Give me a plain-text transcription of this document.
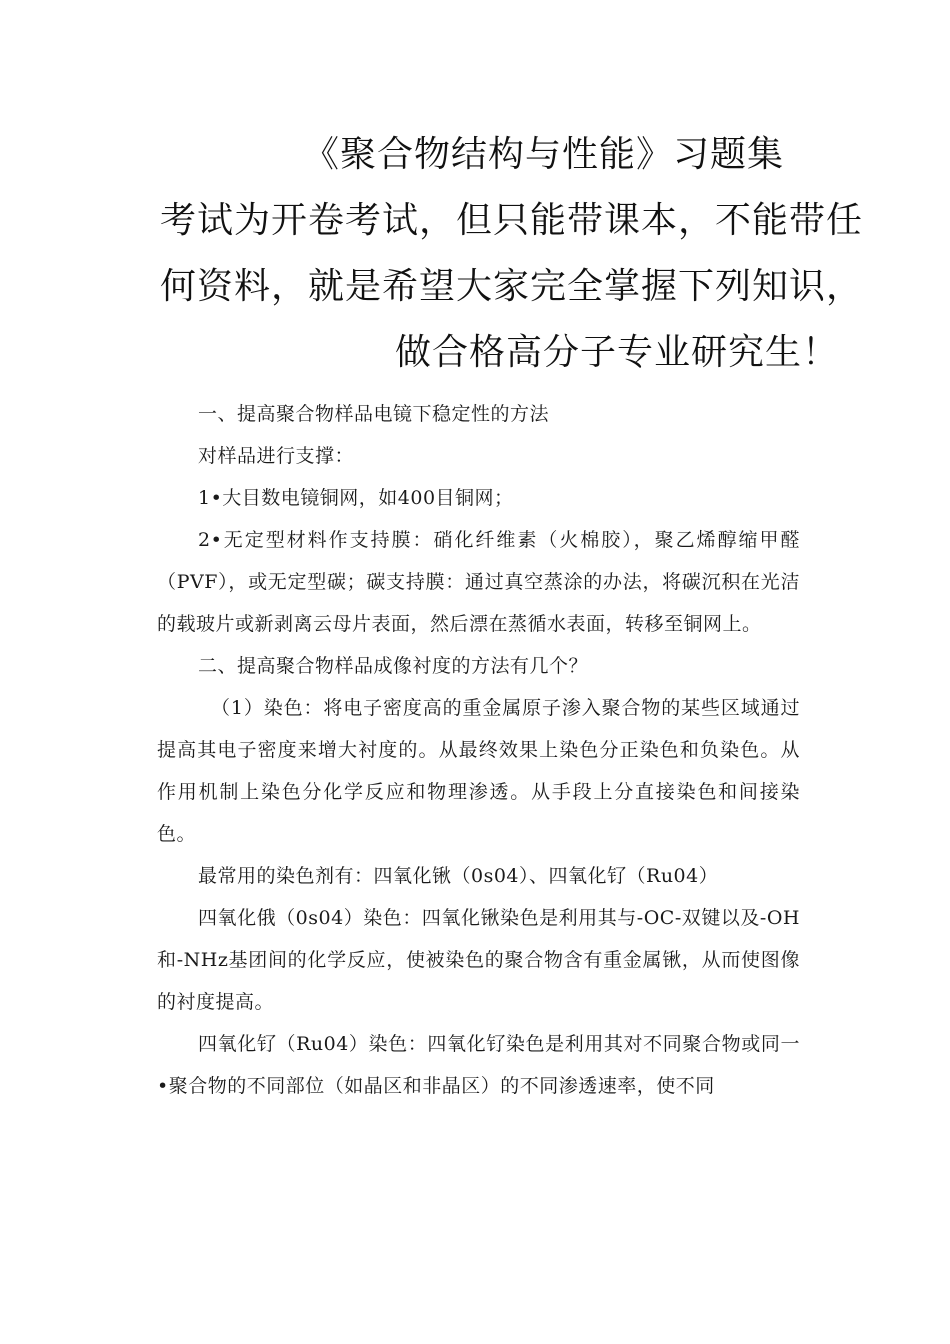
《聚合物结构与性能》习题集
考试为开卷考试，但只能带课本，不能带任
何资料，就是希望大家完全掌握下列知识，
做合格高分子专业研究生！

一、提高聚合物样品电镜下稳定性的方法

对样品进行支撑：

1•大目数电镜铜网，如400目铜网；

2•无定型材料作支持膜：硝化纤维素（火棉胶），聚乙烯醇缩甲醛（PVF），或无定型碳；碳支持膜：通过真空蒸涂的办法，将碳沉积在光洁的载玻片或新剥离云母片表面，然后漂在蒸循水表面，转移至铜网上。

二、提高聚合物样品成像衬度的方法有几个？

（1）染色：将电子密度高的重金属原子渗入聚合物的某些区域通过提高其电子密度来增大衬度的。从最终效果上染色分正染色和负染色。从作用机制上染色分化学反应和物理渗透。从手段上分直接染色和间接染色。

最常用的染色剂有：四氧化锹（0s04）、四氧化钌（Ru04）

四氧化俄（0s04）染色：四氧化锹染色是利用其与-OC-双键以及-OH和-NHz基团间的化学反应，使被染色的聚合物含有重金属锹，从而使图像的衬度提高。

四氧化钌（Ru04）染色：四氧化钌染色是利用其对不同聚合物或同一•聚合物的不同部位（如晶区和非晶区）的不同渗透速率，使不同
